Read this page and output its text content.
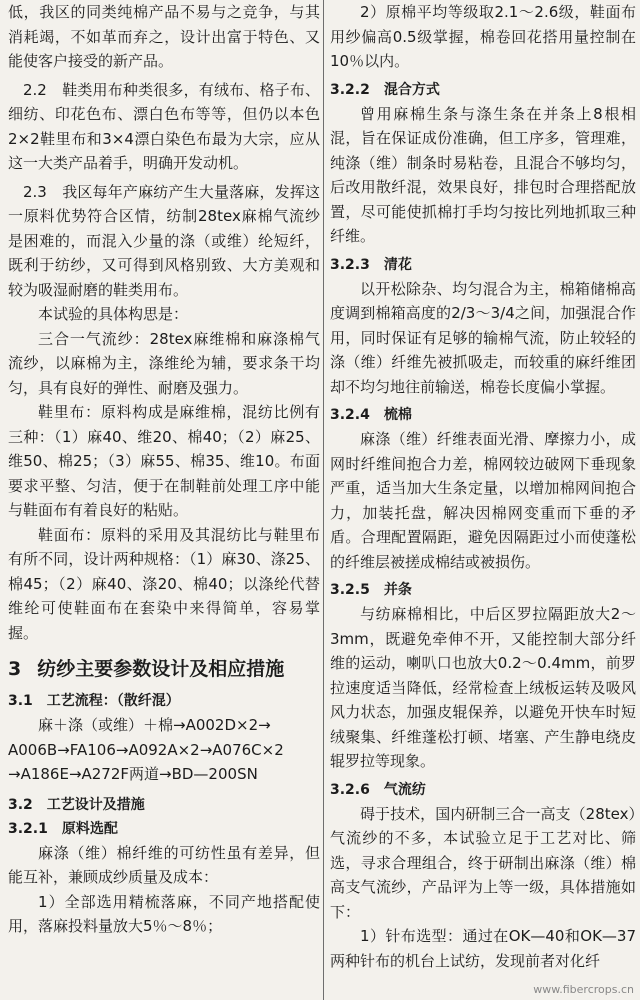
低，我区的同类纯棉产品不易与之竞争，与其消耗竭，不如革而弃之，设计出富于特色、又能使客户接受的新产品。

2.2　鞋类用布种类很多，有绒布、格子布、细纺、印花色布、漂白色布等等，但仍以本色2×2鞋里布和3×4漂白染色布最为大宗，应从这一大类产品着手，明确开发动机。

2.3　我区每年产麻纺产生大量落麻，发挥这一原料优势符合区情，纺制28tex麻棉气流纱是困难的，而混入少量的涤（或维）纶短纤，既利于纺纱，又可得到风格别致、大方美观和较为吸湿耐磨的鞋类用布。

本试验的具体构思是：

三合一气流纱：28tex麻维棉和麻涤棉气流纱，以麻棉为主，涤维纶为辅，要求条干均匀，具有良好的弹性、耐磨及强力。

鞋里布：原料构成是麻维棉，混纺比例有三种：（1）麻40、维20、棉40；（2）麻25、维50、棉25；（3）麻55、棉35、维10。布面要求平整、匀洁，便于在制鞋前处理工序中能与鞋面布有着良好的粘贴。

鞋面布：原料的采用及其混纺比与鞋里布有所不同，设计两种规格：（1）麻30、涤25、棉45；（2）麻40、涤20、棉40；以涤纶代替维纶可使鞋面布在套染中来得简单，容易掌握。

3 纺纱主要参数设计及相应措施

3.1　工艺流程：（散纤混）

麻＋涤（或维）＋棉→A002D×2→

A006B→FA106→A092A×2→A076C×2

→A186E→A272F两道→BD—200SN

3.2　工艺设计及措施

3.2.1　原料选配

麻涤（维）棉纤维的可纺性虽有差异，但能互补，兼顾成纱质量及成本：

1）全部选用精梳落麻，不同产地搭配使用，落麻投料量放大5％～8％；

2）原棉平均等级取2.1～2.6级，鞋面布用纱偏高0.5级掌握，棉卷回花搭用量控制在10％以内。

3.2.2　混合方式

曾用麻棉生条与涤生条在并条上8根相混，旨在保证成份准确，但工序多，管理难，纯涤（维）制条时易粘卷，且混合不够均匀，后改用散纤混，效果良好，排包时合理搭配放置，尽可能使抓棉打手均匀按比列地抓取三种纤维。

3.2.3　清花

以开松除杂、均匀混合为主，棉箱储棉高度调到棉箱高度的2/3～3/4之间，加强混合作用，同时保证有足够的输棉气流，防止较轻的涤（维）纤维先被抓吸走，而较重的麻纤维团却不均匀地往前输送，棉卷长度偏小掌握。

3.2.4　梳棉

麻涤（维）纤维表面光滑、摩擦力小，成网时纤维间抱合力差，棉网较边破网下垂现象严重，适当加大生条定量，以增加棉网间抱合力，加装托盘，解决因棉网变重而下垂的矛盾。合理配置隔距，避免因隔距过小而使蓬松的纤维层被搓成棉结或被损伤。

3.2.5　并条

与纺麻棉相比，中后区罗拉隔距放大2～3mm，既避免牵伸不开，又能控制大部分纤维的运动，喇叭口也放大0.2～0.4mm，前罗拉速度适当降低，经常检查上绒板运转及吸风风力状态，加强皮辊保养，以避免开快车时短绒聚集、纤维蓬松打顿、堵塞、产生静电绕皮辊罗拉等现象。

3.2.6　气流纺

碍于技术，国内研制三合一高支（28tex）气流纱的不多，本试验立足于工艺对比、筛选，寻求合理组合，终于研制出麻涤（维）棉高支气流纱，产品评为上等一级，具体措施如下：

1）针布选型：通过在OK—40和OK—37两种针布的机台上试纺，发现前者对化纤

www.fibercrops.cn
